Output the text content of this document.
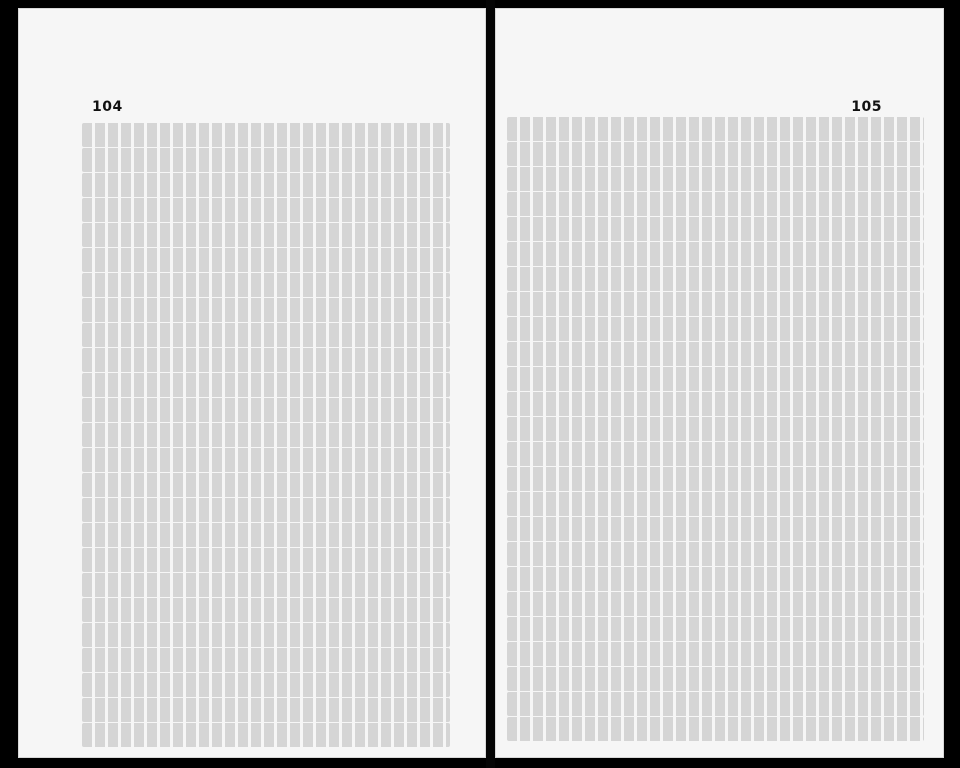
104	105
